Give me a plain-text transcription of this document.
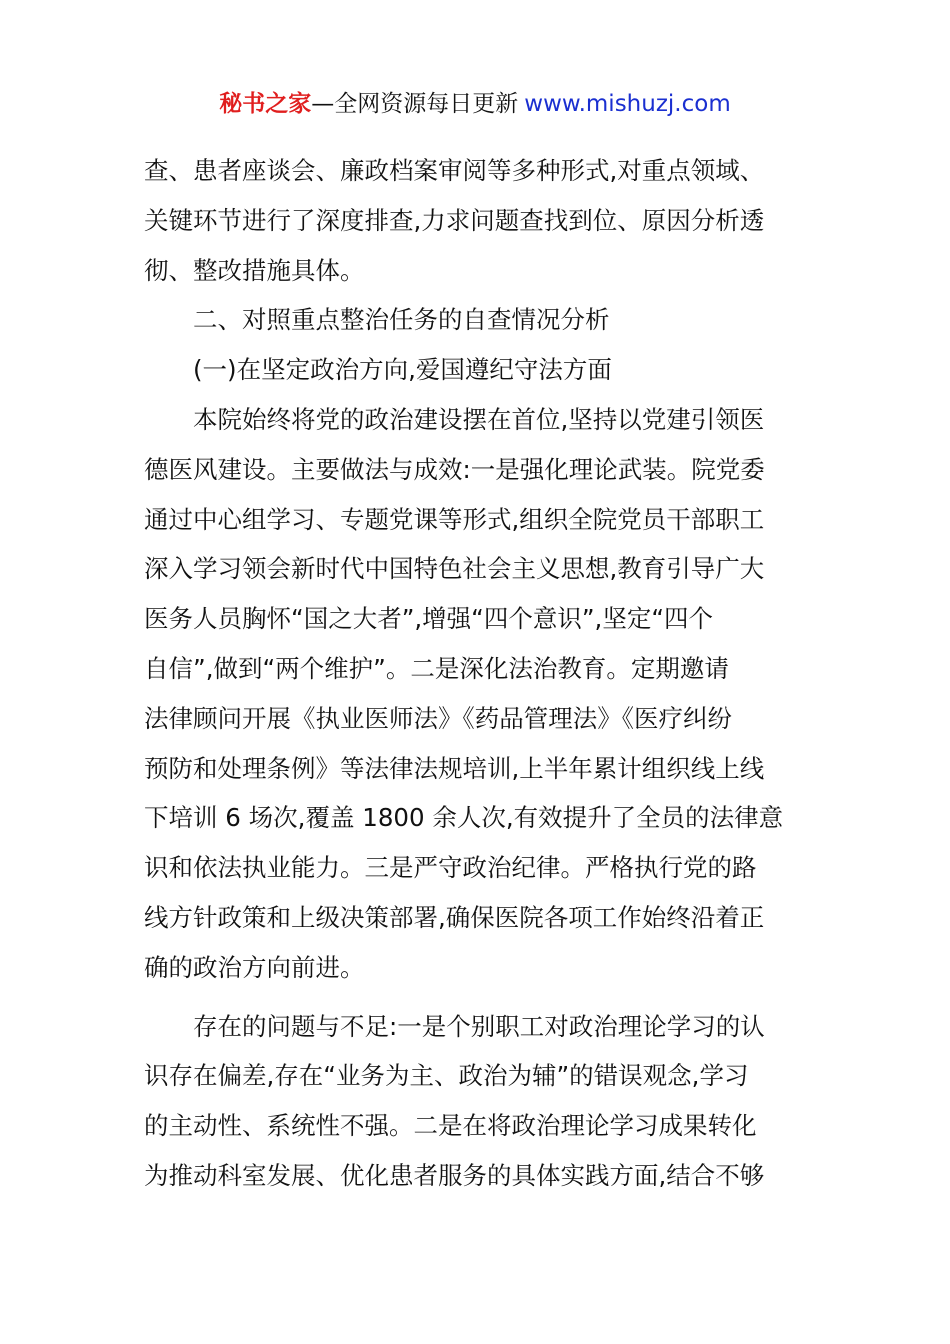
秘书之家—全网资源每日更新 www.mishuzj.com
查、患者座谈会、廉政档案审阅等多种形式,对重点领域、
关键环节进行了深度排查,力求问题查找到位、原因分析透
彻、整改措施具体。
二、对照重点整治任务的自查情况分析
(一)在坚定政治方向,爱国遵纪守法方面
本院始终将党的政治建设摆在首位,坚持以党建引领医
德医风建设。主要做法与成效:一是强化理论武装。院党委
通过中心组学习、专题党课等形式,组织全院党员干部职工
深入学习领会新时代中国特色社会主义思想,教育引导广大
医务人员胸怀“国之大者”,增强“四个意识”,坚定“四个
自信”,做到“两个维护”。二是深化法治教育。定期邀请
法律顾问开展《执业医师法》《药品管理法》《医疗纠纷
预防和处理条例》等法律法规培训,上半年累计组织线上线
下培训 6 场次,覆盖 1800 余人次,有效提升了全员的法律意
识和依法执业能力。三是严守政治纪律。严格执行党的路
线方针政策和上级决策部署,确保医院各项工作始终沿着正
确的政治方向前进。
存在的问题与不足:一是个别职工对政治理论学习的认
识存在偏差,存在“业务为主、政治为辅”的错误观念,学习
的主动性、系统性不强。二是在将政治理论学习成果转化
为推动科室发展、优化患者服务的具体实践方面,结合不够
